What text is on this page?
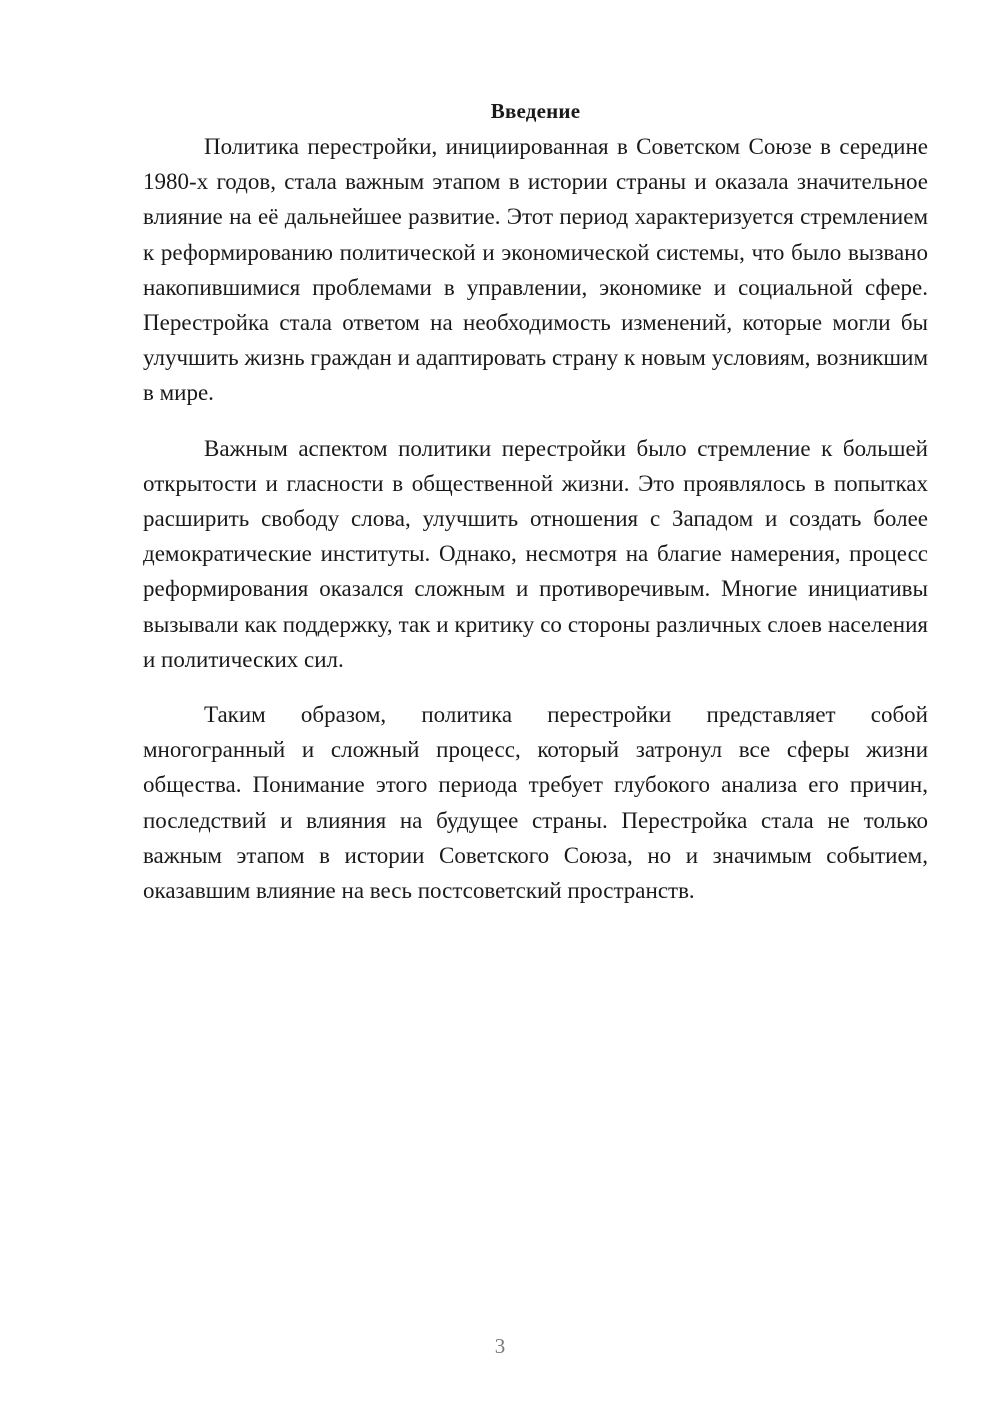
Введение

Политика перестройки, инициированная в Советском Союзе в середине 1980-х годов, стала важным этапом в истории страны и оказала значительное влияние на её дальнейшее развитие. Этот период характеризуется стремлением к реформированию политической и экономической системы, что было вызвано накопившимися проблемами в управлении, экономике и социальной сфере. Перестройка стала ответом на необходимость изменений, которые могли бы улучшить жизнь граждан и адаптировать страну к новым условиям, возникшим в мире.

Важным аспектом политики перестройки было стремление к большей открытости и гласности в общественной жизни. Это проявлялось в попытках расширить свободу слова, улучшить отношения с Западом и создать более демократические институты. Однако, несмотря на благие намерения, процесс реформирования оказался сложным и противоречивым. Многие инициативы вызывали как поддержку, так и критику со стороны различных слоев населения и политических сил.

Таким образом, политика перестройки представляет собой многогранный и сложный процесс, который затронул все сферы жизни общества. Понимание этого периода требует глубокого анализа его причин, последствий и влияния на будущее страны. Перестройка стала не только важным этапом в истории Советского Союза, но и значимым событием, оказавшим влияние на весь постсоветский пространств.

3
